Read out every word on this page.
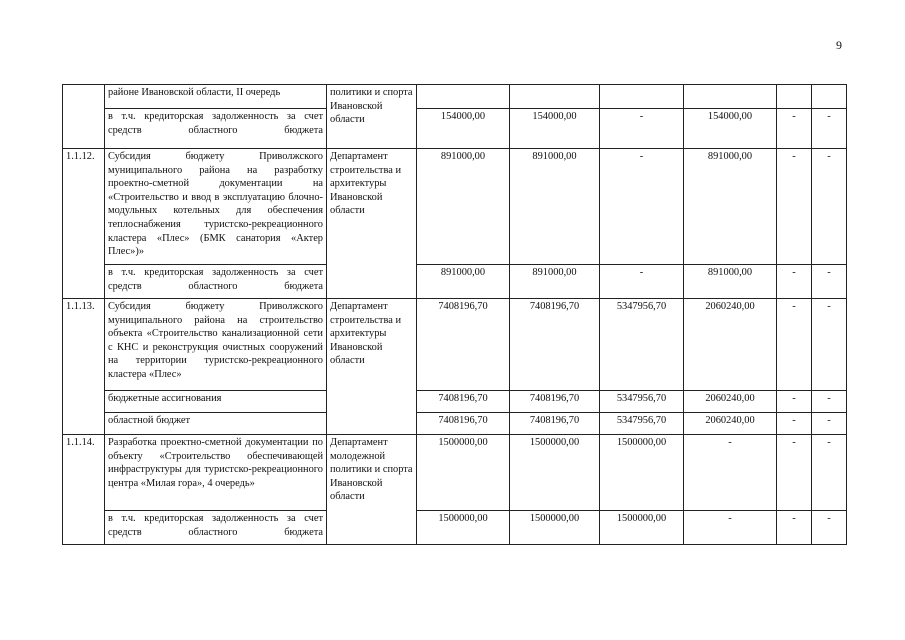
9
	районе Ивановской области, II очередь	политики и спорта Ивановской области						
	в т.ч. кредиторская задолженность за счет средств областного бюджета		154000,00	154000,00	-	154000,00	-	-
1.1.12.	Субсидия бюджету Приволжского муниципального района на разработку проектно-сметной документации на «Строительство и ввод в эксплуатацию блочно-модульных котельных для обеспечения теплоснабжения туристско-рекреационного кластера «Плес» (БМК санатория «Актер Плес»)»	Департамент строительства и архитектуры Ивановской области	891000,00	891000,00	-	891000,00	-	-
	в т.ч. кредиторская задолженность за счет средств областного бюджета		891000,00	891000,00	-	891000,00	-	-
1.1.13.	Субсидия бюджету Приволжского муниципального района на строительство объекта «Строительство канализационной сети с КНС и реконструкция очистных сооружений на территории туристско-рекреационного кластера «Плес»	Департамент строительства и архитектуры Ивановской области	7408196,70	7408196,70	5347956,70	2060240,00	-	-
	бюджетные ассигнования		7408196,70	7408196,70	5347956,70	2060240,00	-	-
	областной бюджет		7408196,70	7408196,70	5347956,70	2060240,00	-	-
1.1.14.	Разработка проектно-сметной документации по объекту «Строительство обеспечивающей инфраструктуры для туристско-рекреационного центра «Милая гора», 4 очередь»	Департамент молодежной политики и спорта Ивановской области	1500000,00	1500000,00	1500000,00	-	-	-
	в т.ч. кредиторская задолженность за счет средств областного бюджета		1500000,00	1500000,00	1500000,00	-	-	-
